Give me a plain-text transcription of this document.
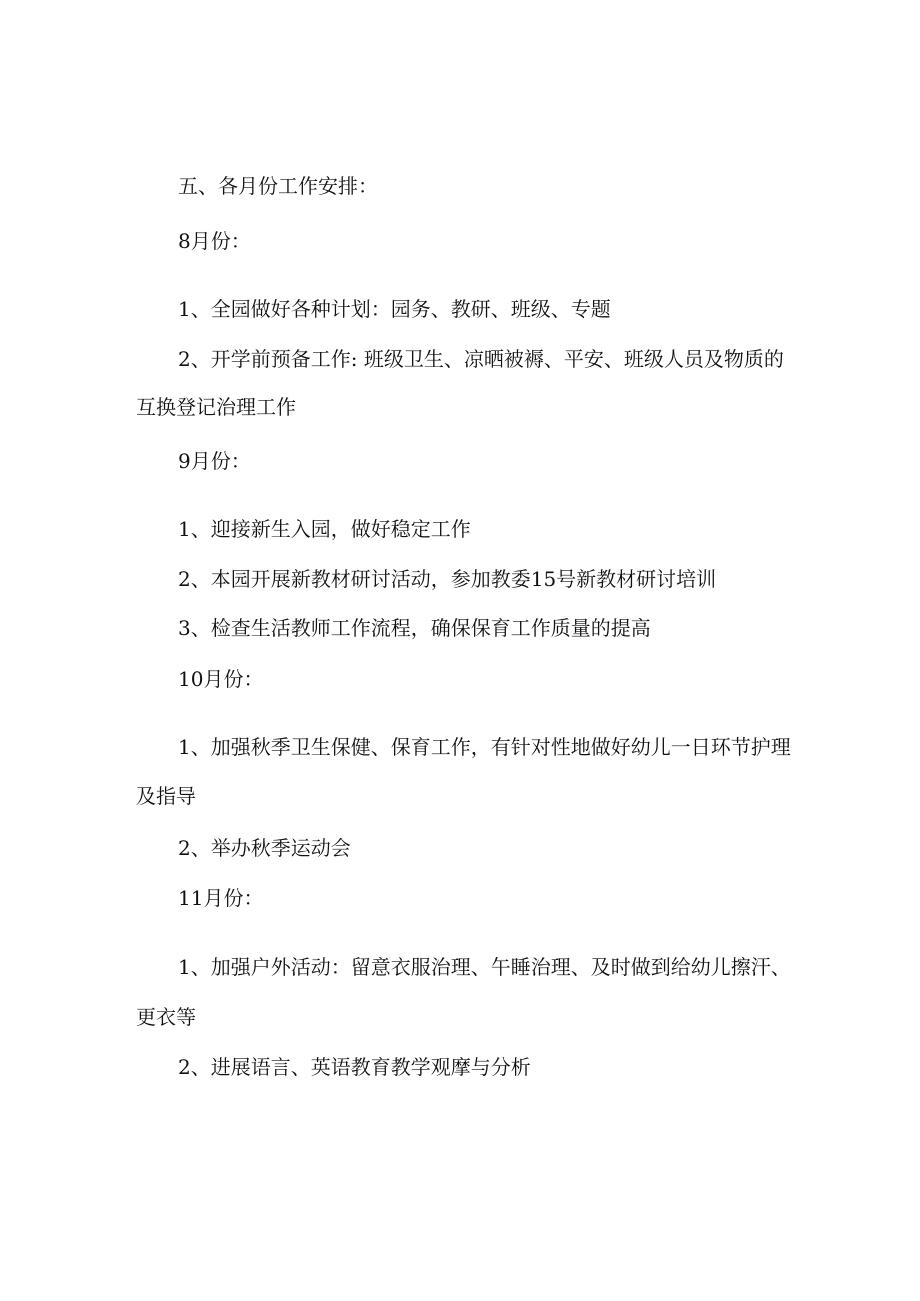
五、各月份工作安排：
8月份：
1、全园做好各种计划：园务、教研、班级、专题
2、开学前预备工作: 班级卫生、凉晒被褥、平安、班级人员及物质的
互换登记治理工作
9月份：
1、迎接新生入园，做好稳定工作
2、本园开展新教材研讨活动，参加教委15号新教材研讨培训
3、检查生活教师工作流程，确保保育工作质量的提高
10月份：
1、加强秋季卫生保健、保育工作，有针对性地做好幼儿一日环节护理
及指导
2、举办秋季运动会
11月份：
1、加强户外活动：留意衣服治理、午睡治理、及时做到给幼儿擦汗、
更衣等
2、进展语言、英语教育教学观摩与分析
